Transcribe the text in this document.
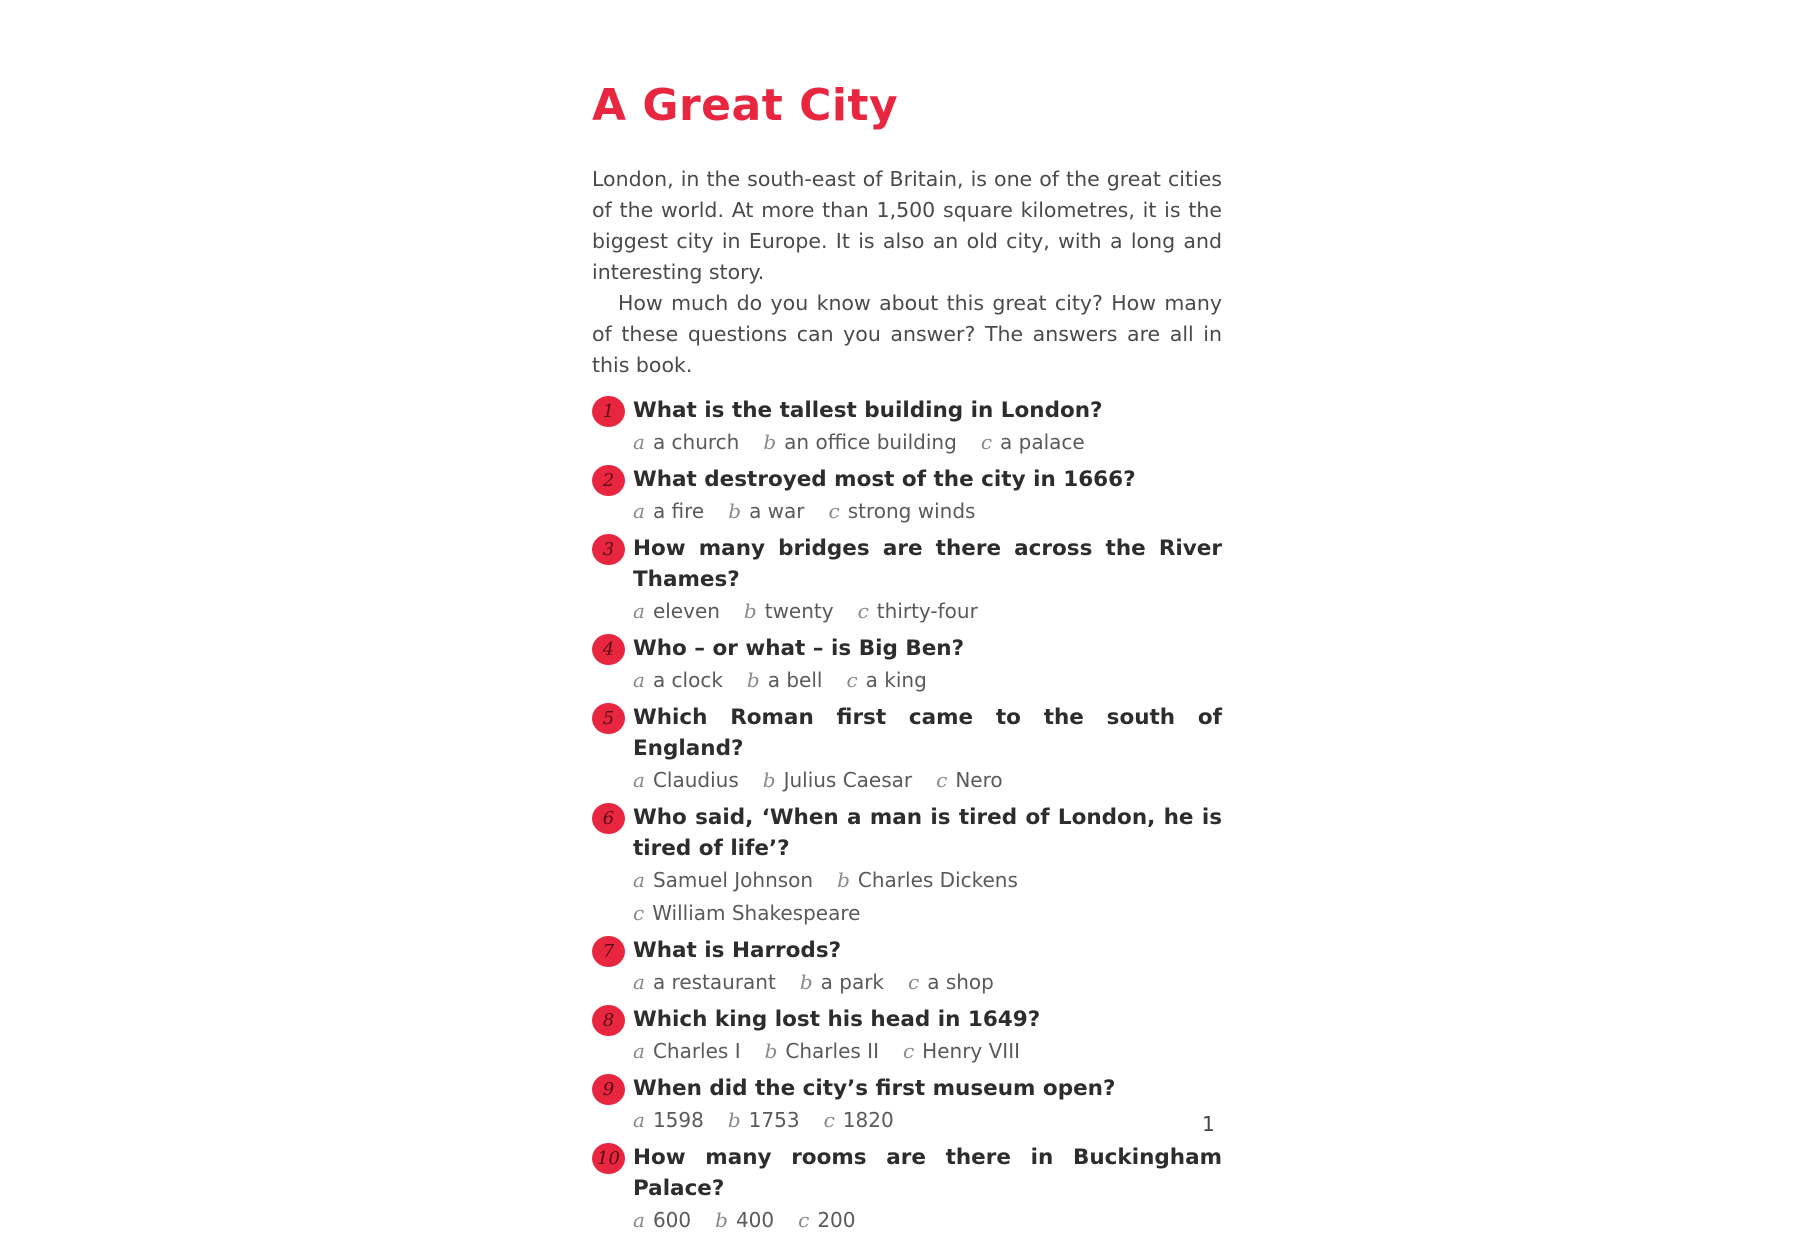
A Great City

London, in the south-east of Britain, is one of the great cities of the world. At more than 1,500 square kilometres, it is the biggest city in Europe. It is also an old city, with a long and interesting story.

How much do you know about this great city? How many of these questions can you answer? The answers are all in this book.

1 What is the tallest building in London?

a a church b an office building c a palace
2 What destroyed most of the city in 1666?

a a fire b a war c strong winds
3 How many bridges are there across the River Thames?

a eleven b twenty c thirty-four
4 Who – or what – is Big Ben?

a a clock b a bell c a king
5 Which Roman first came to the south of England?

a Claudius b Julius Caesar c Nero
6 Who said, ‘When a man is tired of London, he is tired of life’?

a Samuel Johnson b Charles Dickens
c William Shakespeare
7 What is Harrods?

a a restaurant b a park c a shop
8 Which king lost his head in 1649?

a Charles I b Charles II c Henry VIII
9 When did the city’s first museum open?

a 1598 b 1753 c 1820
10 How many rooms are there in Buckingham Palace?

a 600 b 400 c 200
1
